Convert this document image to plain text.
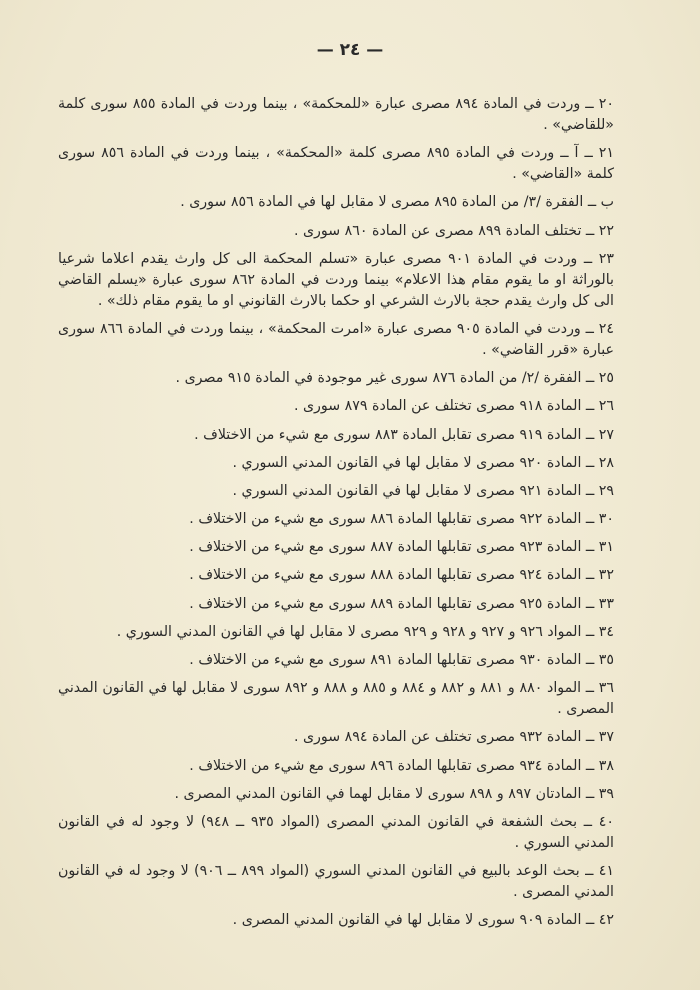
— ٢٤ —

٢٠ ــ وردت في المادة ٨٩٤ مصرى عبارة «للمحكمة» ، بينما وردت في المادة ٨٥٥ سورى كلمة «للقاضي» .

٢١ ــ آ ــ وردت في المادة ٨٩٥ مصرى كلمة «المحكمة» ، بينما وردت في المادة ٨٥٦ سورى كلمة «القاضي» .

ب ــ الفقرة /٣/ من المادة ٨٩٥ مصرى لا مقابل لها في المادة ٨٥٦ سورى .

٢٢ ــ تختلف المادة ٨٩٩ مصرى عن المادة ٨٦٠ سورى .

٢٣ ــ وردت في المادة ٩٠١ مصرى عبارة «تسلم المحكمة الى كل وارث يقدم اعلاما شرعيا بالوراثة او ما يقوم مقام هذا الاعلام» بينما وردت في المادة ٨٦٢ سورى عبارة «يسلم القاضي الى كل وارث يقدم حجة بالارث الشرعي او حكما بالارث القانوني او ما يقوم مقام ذلك» .

٢٤ ــ وردت في المادة ٩٠٥ مصرى عبارة «امرت المحكمة» ، بينما وردت في المادة ٨٦٦ سورى عبارة «قرر القاضي» .

٢٥ ــ الفقرة /٢/ من المادة ٨٧٦ سورى غير موجودة في المادة ٩١٥ مصرى .

٢٦ ــ المادة ٩١٨ مصرى تختلف عن المادة ٨٧٩ سورى .

٢٧ ــ المادة ٩١٩ مصرى تقابل المادة ٨٨٣ سورى مع شيء من الاختلاف .

٢٨ ــ المادة ٩٢٠ مصرى لا مقابل لها في القانون المدني السوري .

٢٩ ــ المادة ٩٢١ مصرى لا مقابل لها في القانون المدني السوري .

٣٠ ــ المادة ٩٢٢ مصرى تقابلها المادة ٨٨٦ سورى مع شيء من الاختلاف .

٣١ ــ المادة ٩٢٣ مصرى تقابلها المادة ٨٨٧ سورى مع شيء من الاختلاف .

٣٢ ــ المادة ٩٢٤ مصرى تقابلها المادة ٨٨٨ سورى مع شيء من الاختلاف .

٣٣ ــ المادة ٩٢٥ مصرى تقابلها المادة ٨٨٩ سورى مع شيء من الاختلاف .

٣٤ ــ المواد ٩٢٦ و ٩٢٧ و ٩٢٨ و ٩٢٩ مصرى لا مقابل لها في القانون المدني السوري .

٣٥ ــ المادة ٩٣٠ مصرى تقابلها المادة ٨٩١ سورى مع شيء من الاختلاف .

٣٦ ــ المواد ٨٨٠ و ٨٨١ و ٨٨٢ و ٨٨٤ و ٨٨٥ و ٨٨٨ و ٨٩٢ سورى لا مقابل لها في القانون المدني المصرى .

٣٧ ــ المادة ٩٣٢ مصرى تختلف عن المادة ٨٩٤ سورى .

٣٨ ــ المادة ٩٣٤ مصرى تقابلها المادة ٨٩٦ سورى مع شيء من الاختلاف .

٣٩ ــ المادتان ٨٩٧ و ٨٩٨ سورى لا مقابل لهما في القانون المدني المصرى .

٤٠ ــ بحث الشفعة في القانون المدني المصرى (المواد ٩٣٥ ــ ٩٤٨) لا وجود له في القانون المدني السوري .

٤١ ــ بحث الوعد بالبيع في القانون المدني السوري (المواد ٨٩٩ ــ ٩٠٦) لا وجود له في القانون المدني المصرى .

٤٢ ــ المادة ٩٠٩ سورى لا مقابل لها في القانون المدني المصرى .
